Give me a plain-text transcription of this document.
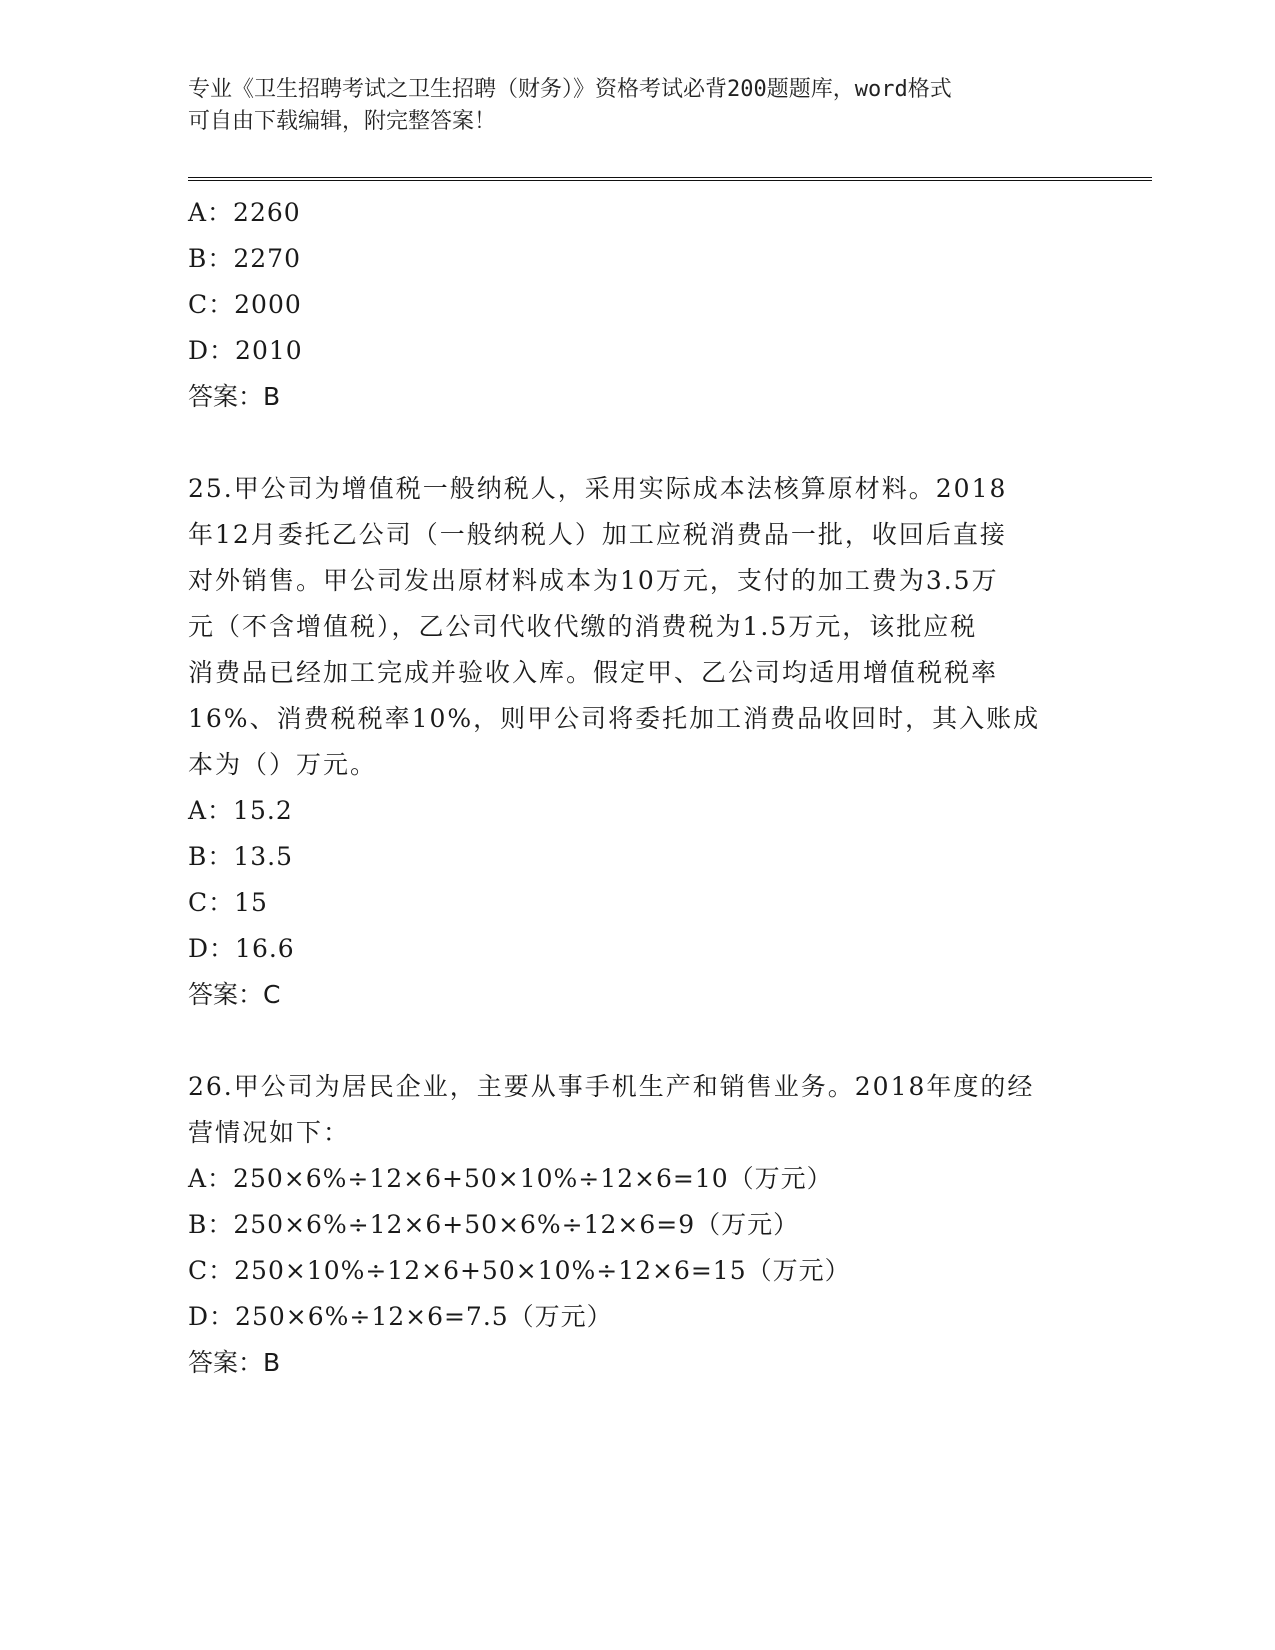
专业《卫生招聘考试之卫生招聘（财务）》资格考试必背200题题库，word格式
可自由下载编辑，附完整答案！
A：2260
B：2270
C：2000
D：2010
答案：B
25.甲公司为增值税一般纳税人，采用实际成本法核算原材料。2018
年12月委托乙公司（一般纳税人）加工应税消费品一批，收回后直接
对外销售。甲公司发出原材料成本为10万元，支付的加工费为3.5万
元（不含增值税），乙公司代收代缴的消费税为1.5万元，该批应税
消费品已经加工完成并验收入库。假定甲、乙公司均适用增值税税率
16%、消费税税率10%，则甲公司将委托加工消费品收回时，其入账成
本为（）万元。
A：15.2
B：13.5
C：15
D：16.6
答案：C
26.甲公司为居民企业，主要从事手机生产和销售业务。2018年度的经
营情况如下：
A：250×6%÷12×6+50×10%÷12×6=10（万元）
B：250×6%÷12×6+50×6%÷12×6=9（万元）
C：250×10%÷12×6+50×10%÷12×6=15（万元）
D：250×6%÷12×6=7.5（万元）
答案：B
